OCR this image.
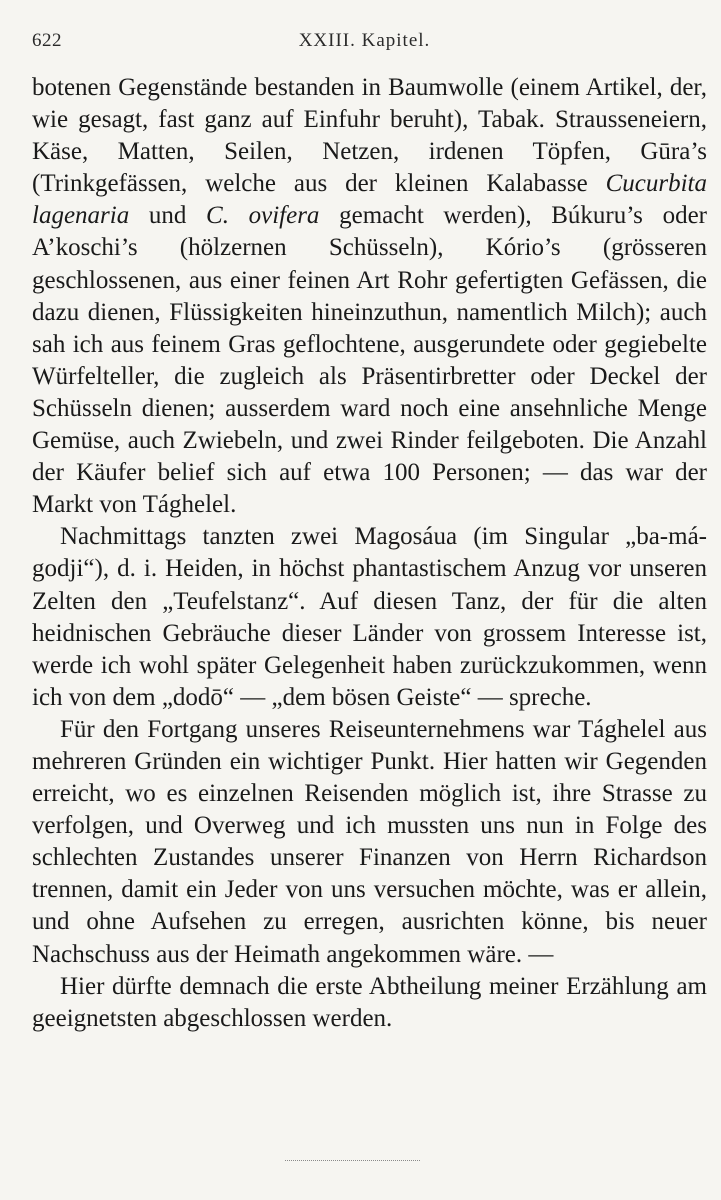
622	XXIII. Kapitel.

botenen Gegenstände bestanden in Baumwolle (einem Artikel, der, wie gesagt, fast ganz auf Einfuhr beruht), Tabak. Strausseneiern, Käse, Matten, Seilen, Netzen, irdenen Töpfen, Gūra’s (Trinkgefässen, welche aus der kleinen Kalabasse Cucurbita lagenaria und C. ovifera gemacht werden), Búkuru’s oder A’koschi’s (hölzernen Schüsseln), Kório’s (grösseren geschlossenen, aus einer feinen Art Rohr gefertigten Gefässen, die dazu dienen, Flüssigkeiten hineinzuthun, namentlich Milch); auch sah ich aus feinem Gras geflochtene, ausgerundete oder gegiebelte Würfelteller, die zugleich als Präsentirbretter oder Deckel der Schüsseln dienen; ausserdem ward noch eine ansehnliche Menge Gemüse, auch Zwiebeln, und zwei Rinder feilgeboten. Die Anzahl der Käufer belief sich auf etwa 100 Personen; — das war der Markt von Tághelel.

Nachmittags tanzten zwei Magosáua (im Singular „ba-mágodji“), d. i. Heiden, in höchst phantastischem Anzug vor unseren Zelten den „Teufelstanz“. Auf diesen Tanz, der für die alten heidnischen Gebräuche dieser Länder von grossem Interesse ist, werde ich wohl später Gelegenheit haben zurückzukommen, wenn ich von dem „dodō“ — „dem bösen Geiste“ — spreche.

Für den Fortgang unseres Reiseunternehmens war Tághelel aus mehreren Gründen ein wichtiger Punkt. Hier hatten wir Gegenden erreicht, wo es einzelnen Reisenden möglich ist, ihre Strasse zu verfolgen, und Overweg und ich mussten uns nun in Folge des schlechten Zustandes unserer Finanzen von Herrn Richardson trennen, damit ein Jeder von uns versuchen möchte, was er allein, und ohne Aufsehen zu erregen, ausrichten könne, bis neuer Nachschuss aus der Heimath angekommen wäre. —

Hier dürfte demnach die erste Abtheilung meiner Erzählung am geeignetsten abgeschlossen werden.
